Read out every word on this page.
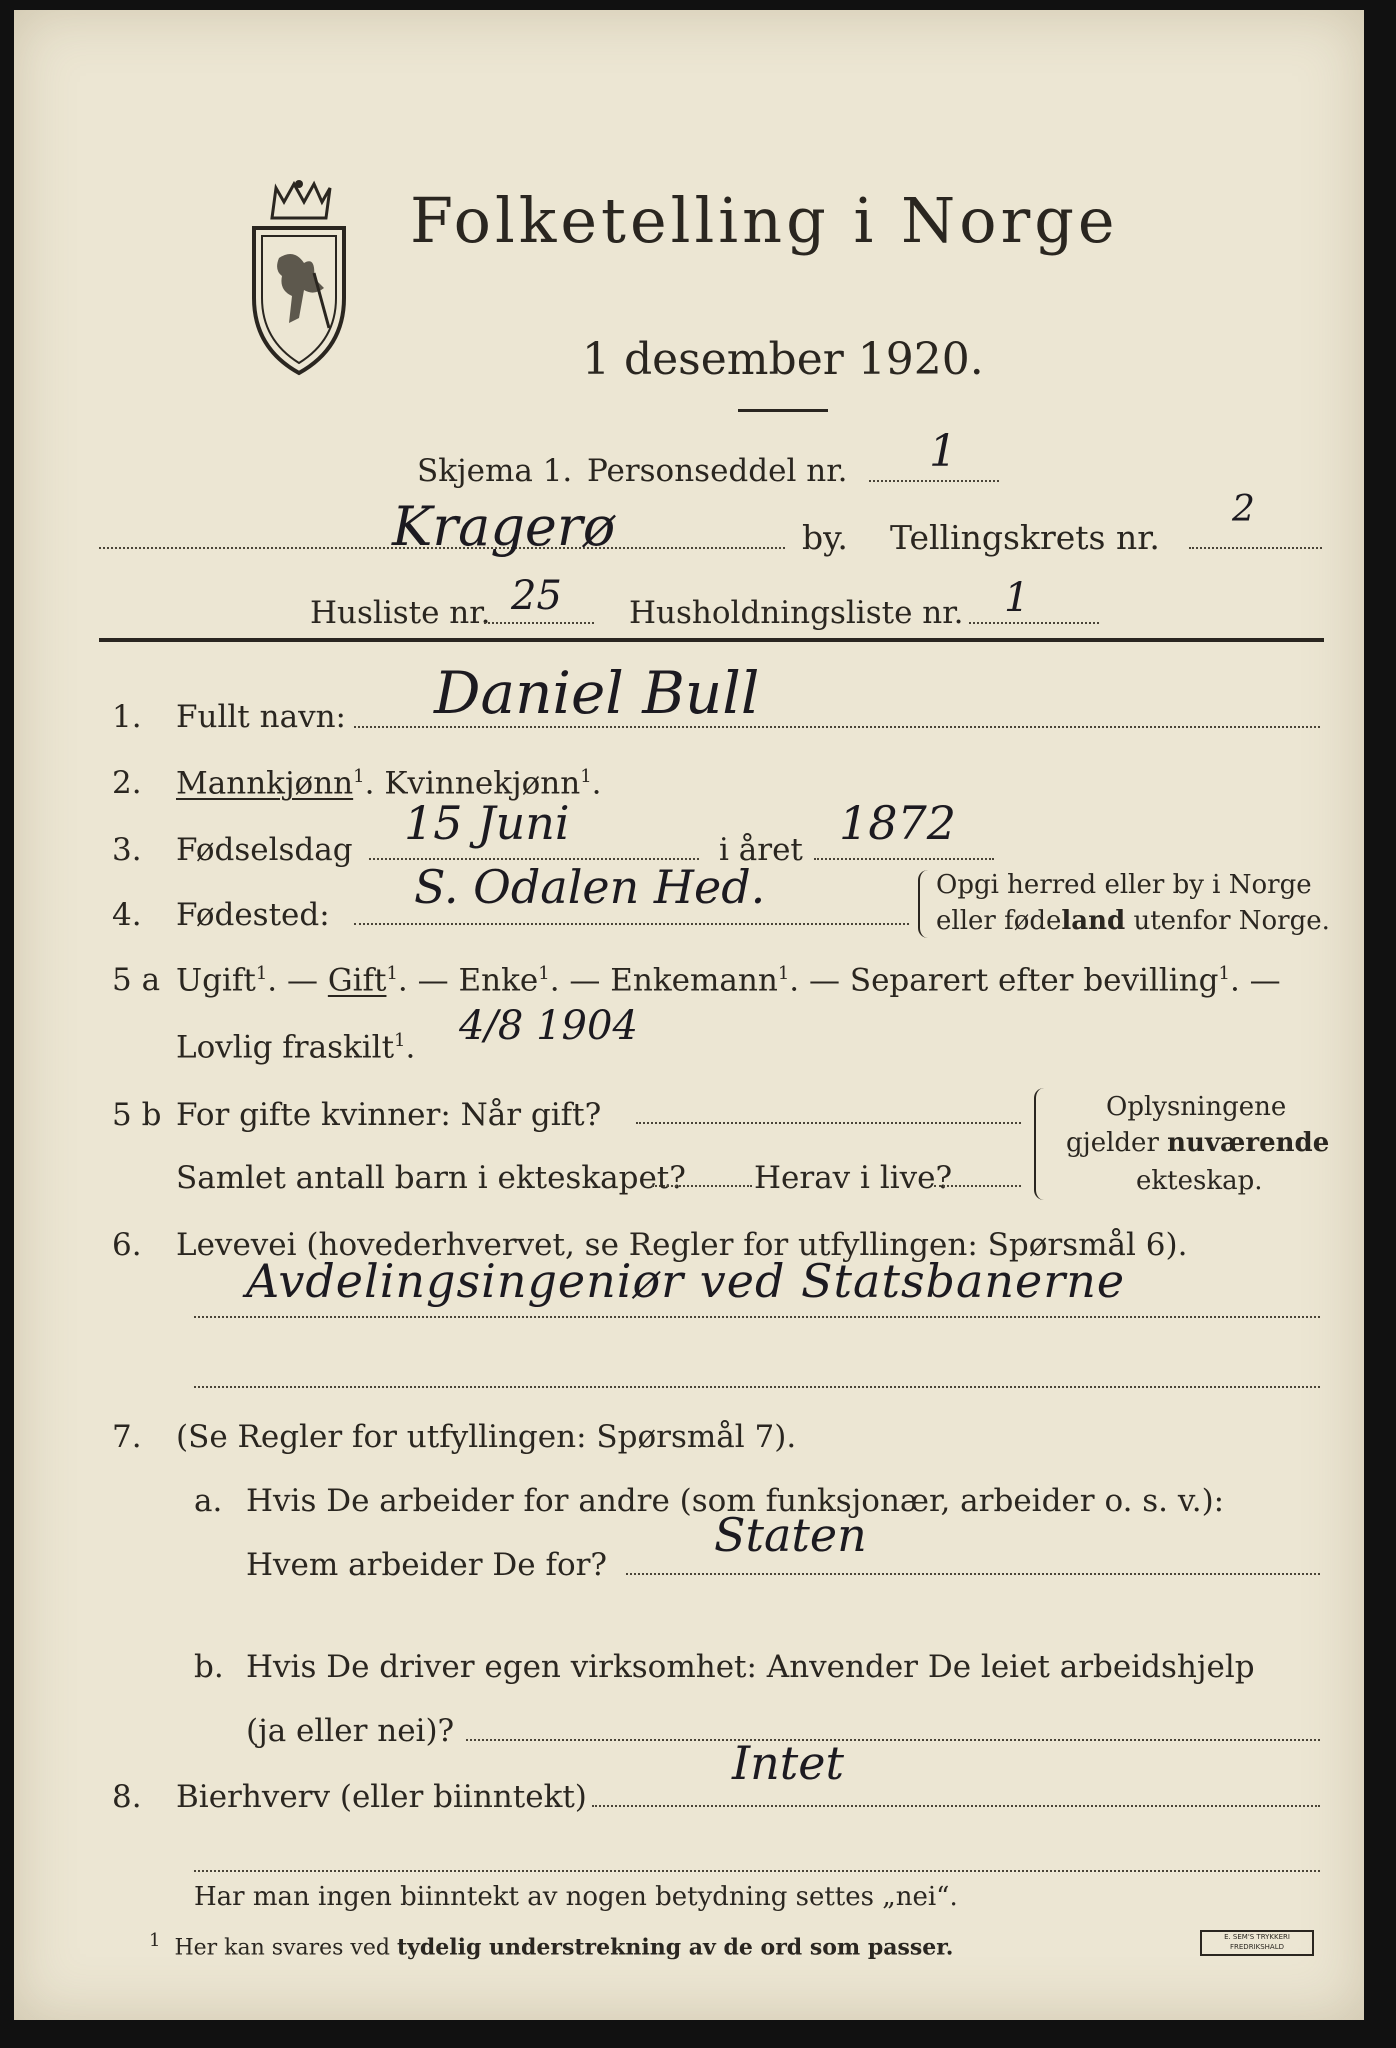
Folketelling i Norge
1 desember 1920.
Skjema 1. Personseddel nr. 1
Kragerø	by. Tellingskrets nr.
2
Husliste nr. 25 Husholdningsliste nr. 1
1. Fullt navn: Daniel Bull
2. Mannkjønn$^1$. Kvinnekjønn$^1$.
3. Fødselsdag 15 Juni	i året 1872
4. Fødested:
S. Odalen Hed.	Opgi herred eller by i Norge
eller fødeland utenfor Norge.
5 a Ugift$^1$. — Gift$^1$. — Enke$^1$. — Enkemann$^1$. — Separert efter bevilling$^1$. —
Lovlig fraskilt$^1$. 4/8 1904
5 b For gifte kvinner: Når gift?
Samlet antall barn i ekteskapet? Herav i live?
Oplysningene
gjelder nuværende
ekteskap.
6. Levevei (hovederhvervet, se Regler for utfyllingen: Spørsmål 6).
Avdelingsingeniør ved Statsbanerne
7. (Se Regler for utfyllingen: Spørsmål 7).
a. Hvis De arbeider for andre (som funksjonær, arbeider o. s. v.):
Hvem arbeider De for?
Staten
b. Hvis De driver egen virksomhet: Anvender De leiet arbeidshjelp
(ja eller nei)?
8. Bierhverv (eller biinntekt)
Intet
Har man ingen biinntekt av nogen betydning settes „nei“.
$^1$ Her kan svares ved tydelig understrekning av de ord som passer.	E. SEM'S TRYKKERI
FREDRIKSHALD
